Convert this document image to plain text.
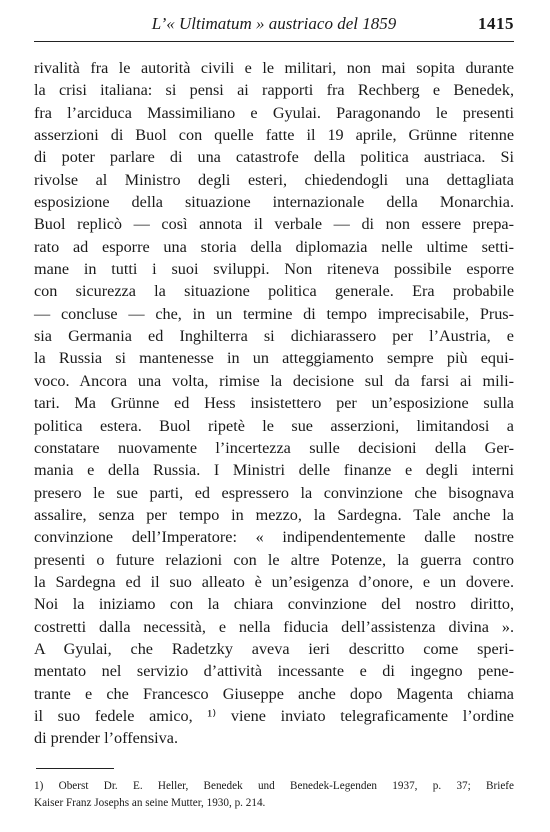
L’« Ultimatum » austriaco del 1859	1415
rivalità fra le autorità civili e le militari, non mai sopita durante
la crisi italiana: si pensi ai rapporti fra Rechberg e Benedek,
fra l’arciduca Massimiliano e Gyulai. Paragonando le presenti
asserzioni di Buol con quelle fatte il 19 aprile, Grünne ritenne
di poter parlare di una catastrofe della politica austriaca. Si
rivolse al Ministro degli esteri, chiedendogli una dettagliata
esposizione della situazione internazionale della Monarchia.
Buol replicò — così annota il verbale — di non essere prepa-
rato ad esporre una storia della diplomazia nelle ultime setti-
mane in tutti i suoi sviluppi. Non riteneva possibile esporre
con sicurezza la situazione politica generale. Era probabile
— concluse — che, in un termine di tempo imprecisabile, Prus-
sia Germania ed Inghilterra si dichiarassero per l’Austria, e
la Russia si mantenesse in un atteggiamento sempre più equi-
voco. Ancora una volta, rimise la decisione sul da farsi ai mili-
tari. Ma Grünne ed Hess insistettero per un’esposizione sulla
politica estera. Buol ripetè le sue asserzioni, limitandosi a
constatare nuovamente l’incertezza sulle decisioni della Ger-
mania e della Russia. I Ministri delle finanze e degli interni
presero le sue parti, ed espressero la convinzione che bisognava
assalire, senza per tempo in mezzo, la Sardegna. Tale anche la
convinzione dell’Imperatore: « indipendentemente dalle nostre
presenti o future relazioni con le altre Potenze, la guerra contro
la Sardegna ed il suo alleato è un’esigenza d’onore, e un dovere.
Noi la iniziamo con la chiara convinzione del nostro diritto,
costretti dalla necessità, e nella fiducia dell’assistenza divina ».
A Gyulai, che Radetzky aveva ieri descritto come speri-
mentato nel servizio d’attività incessante e di ingegno pene-
trante e che Francesco Giuseppe anche dopo Magenta chiama
il suo fedele amico, ¹⁾ viene inviato telegraficamente l’ordine
di prender l’offensiva.
1) Oberst Dr. E. Heller, Benedek und Benedek-Legenden 1937, p. 37; Briefe
Kaiser Franz Josephs an seine Mutter, 1930, p. 214.
